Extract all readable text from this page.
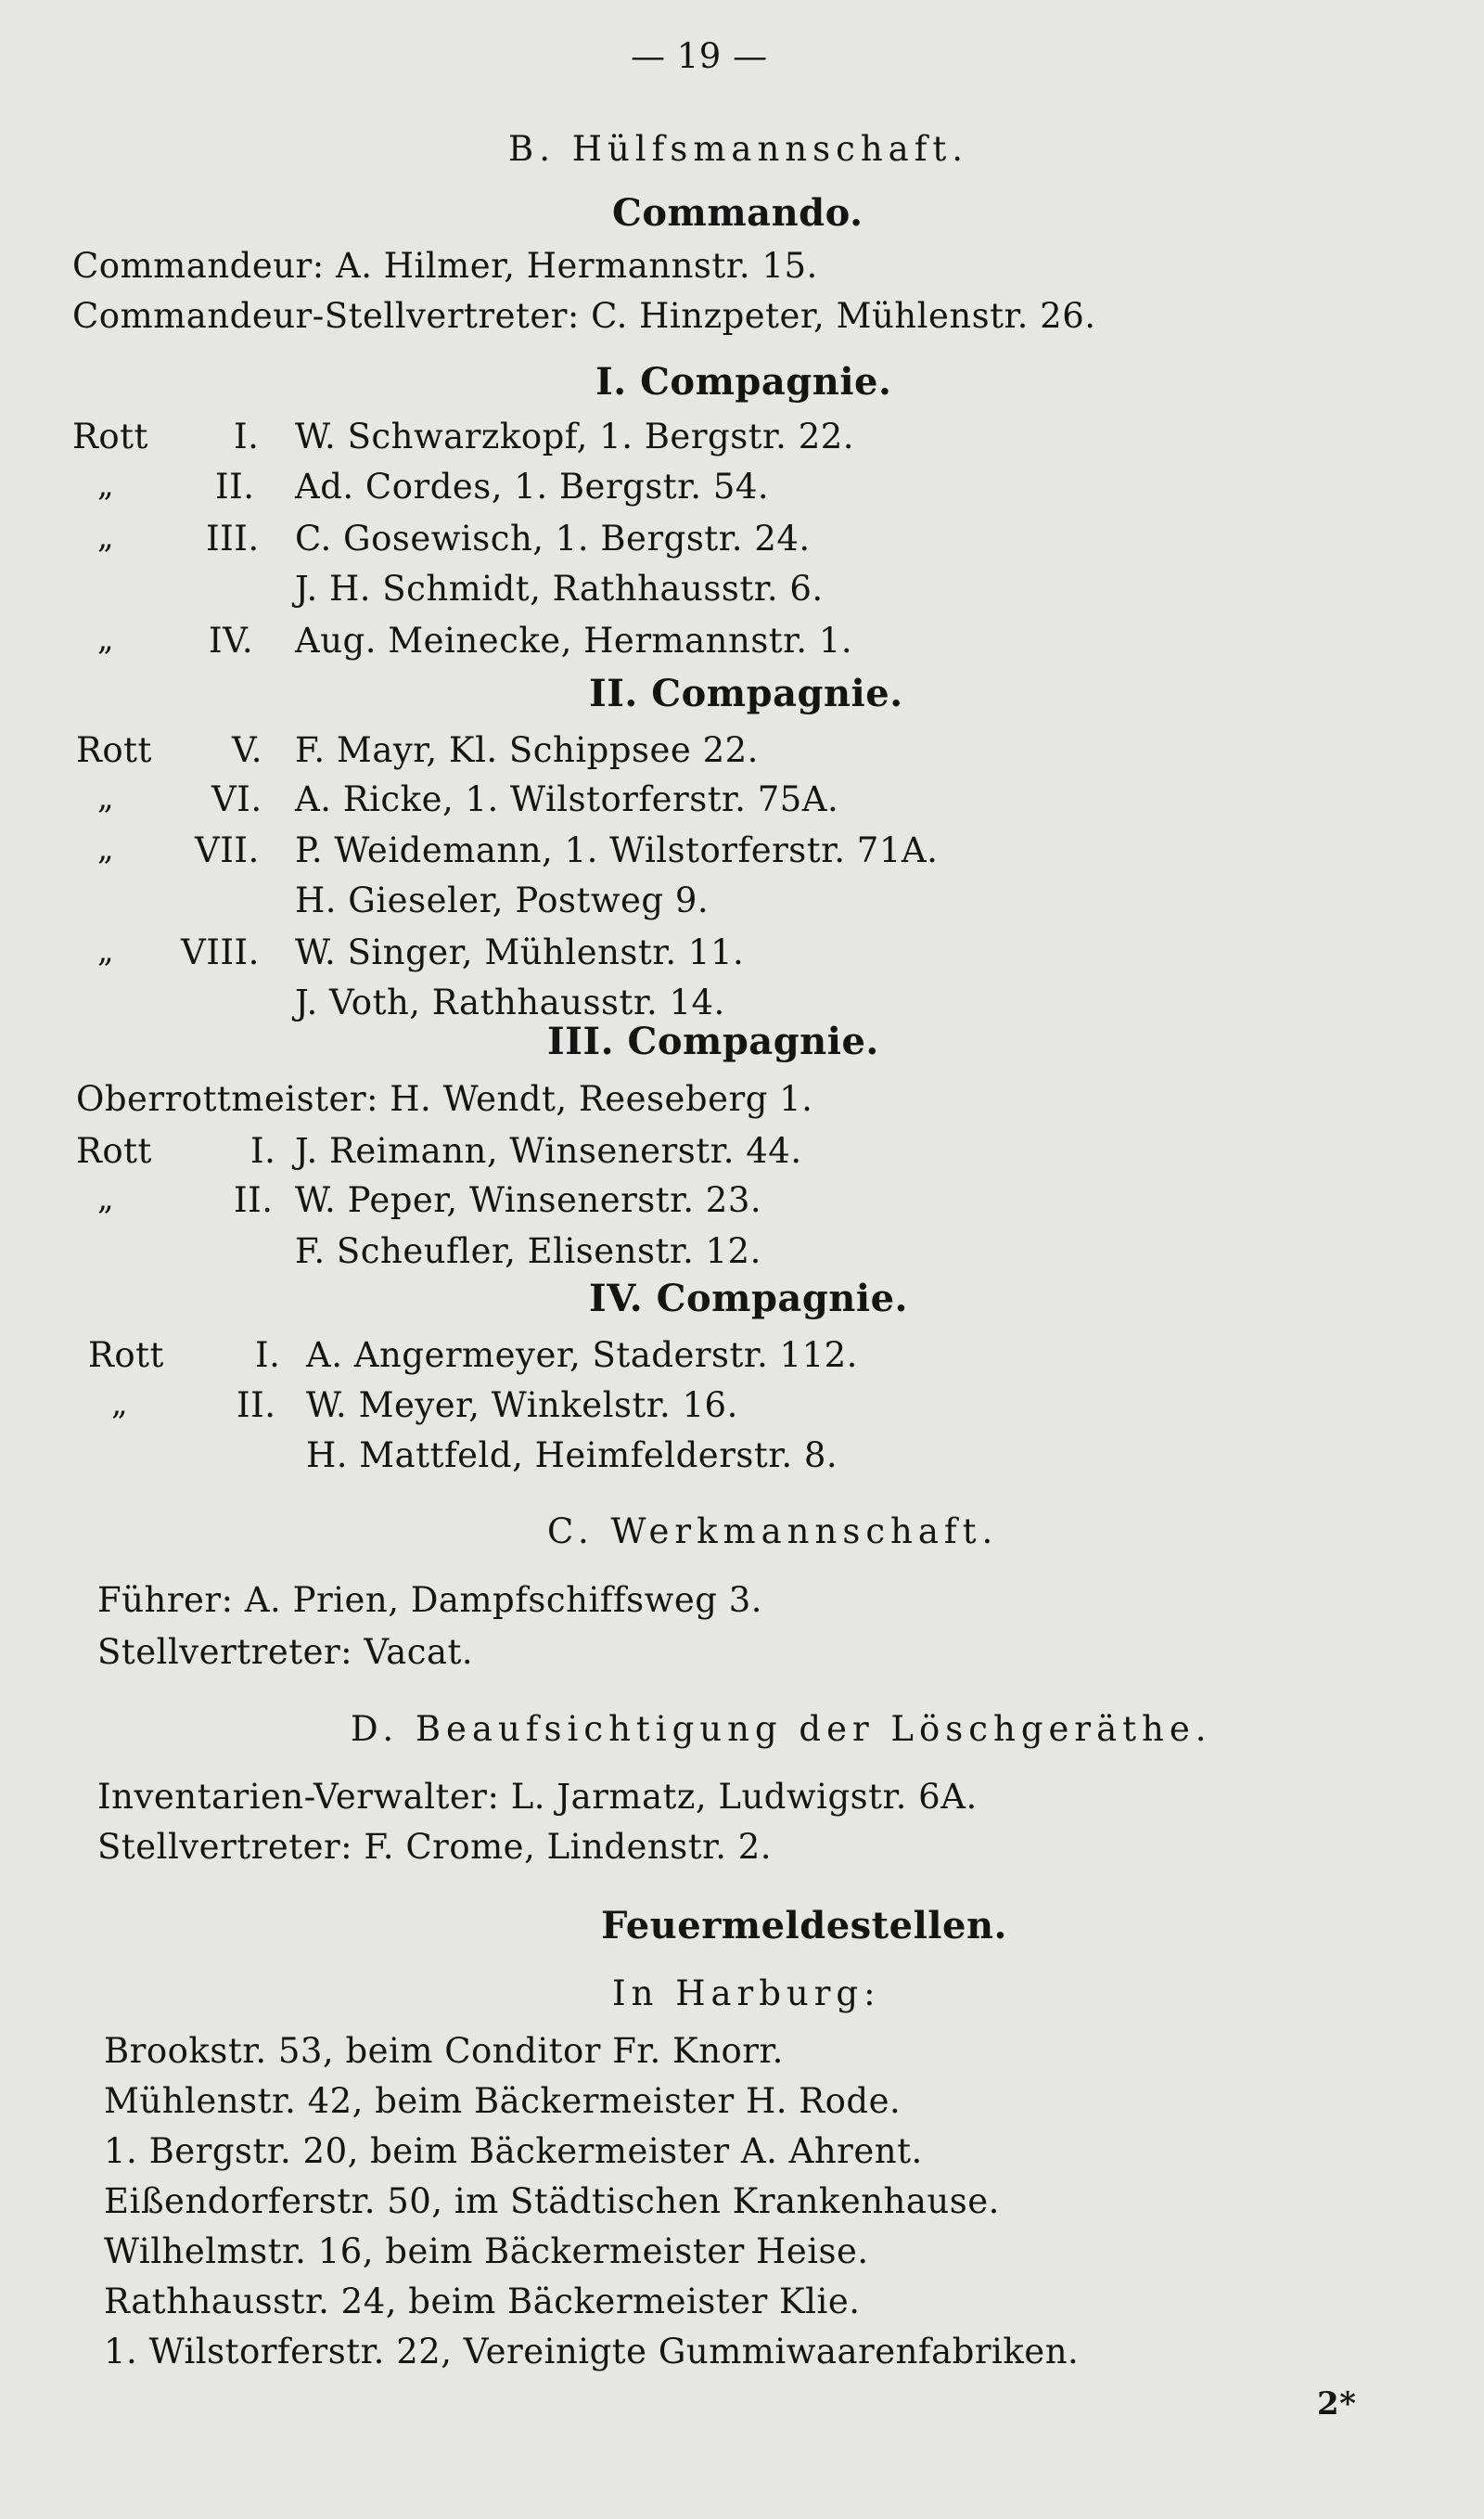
— 19 —
B. Hülfsmannschaft.
Commando.
Commandeur: A. Hilmer, Hermannstr. 15.
Commandeur-Stellvertreter: C. Hinzpeter, Mühlenstr. 26.
I. Compagnie.
Rott I. W. Schwarzkopf, 1. Bergstr. 22.
„	II. Ad. Cordes, 1. Bergstr. 54.
„	III. C. Gosewisch, 1. Bergstr. 24.
J. H. Schmidt, Rathhausstr. 6.
„	IV. Aug. Meinecke, Hermannstr. 1.
II. Compagnie.
Rott V. F. Mayr, Kl. Schippsee 22.
„	VI. A. Ricke, 1. Wilstorferstr. 75A.
„ VII. P. Weidemann, 1. Wilstorferstr. 71A.
H. Gieseler, Postweg 9.
„ VIII. W. Singer, Mühlenstr. 11.
J. Voth, Rathhausstr. 14.
III. Compagnie.
Oberrottmeister: H. Wendt, Reeseberg 1.
Rott	I. J. Reimann, Winsenerstr. 44.
„	II. W. Peper, Winsenerstr. 23.
F. Scheufler, Elisenstr. 12.
IV. Compagnie.
Rott	I. A. Angermeyer, Staderstr. 112.
„	II. W. Meyer, Winkelstr. 16.
H. Mattfeld, Heimfelderstr. 8.
C. Werkmannschaft.
Führer: A. Prien, Dampfschiffsweg 3.
Stellvertreter: Vacat.
D. Beaufsichtigung der Löschgeräthe.
Inventarien-Verwalter: L. Jarmatz, Ludwigstr. 6A.
Stellvertreter: F. Crome, Lindenstr. 2.
Feuermeldestellen.
In Harburg:
Brookstr. 53, beim Conditor Fr. Knorr.
Mühlenstr. 42, beim Bäckermeister H. Rode.
1. Bergstr. 20, beim Bäckermeister A. Ahrent.
Eißendorferstr. 50, im Städtischen Krankenhause.
Wilhelmstr. 16, beim Bäckermeister Heise.
Rathhausstr. 24, beim Bäckermeister Klie.
1. Wilstorferstr. 22, Vereinigte Gummiwaarenfabriken.
2*
